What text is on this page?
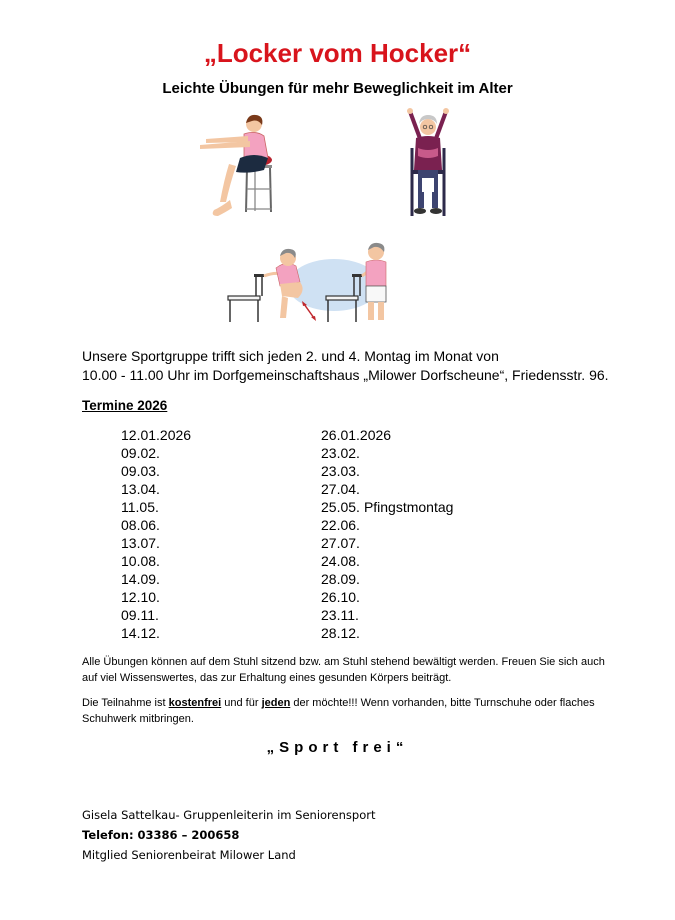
„Locker vom Hocker“
Leichte Übungen für mehr Beweglichkeit im Alter
Unsere Sportgruppe trifft sich jeden 2. und 4. Montag im Monat von
10.00 - 11.00 Uhr im Dorfgemeinschaftshaus „Milower Dorfscheune“, Friedensstr. 96.
Termine 2026
12.01.2026	26.01.2026
09.02.	23.02.
09.03.	23.03.
13.04.	27.04.
11.05.	25.05. Pfingstmontag
08.06.	22.06.
13.07.	27.07.
10.08.	24.08.
14.09.	28.09.
12.10.	26.10.
09.11.	23.11.
14.12.	28.12.
Alle Übungen können auf dem Stuhl sitzend bzw. am Stuhl stehend bewältigt werden. Freuen Sie sich auch auf viel Wissenswertes, das zur Erhaltung eines gesunden Körpers beiträgt.
Die Teilnahme ist kostenfrei und für jeden der möchte!!! Wenn vorhanden, bitte Turnschuhe oder flaches Schuhwerk mitbringen.
„Sport frei“
Gisela Sattelkau- Gruppenleiterin im Seniorensport
Telefon: 03386 – 200658
Mitglied Seniorenbeirat Milower Land
